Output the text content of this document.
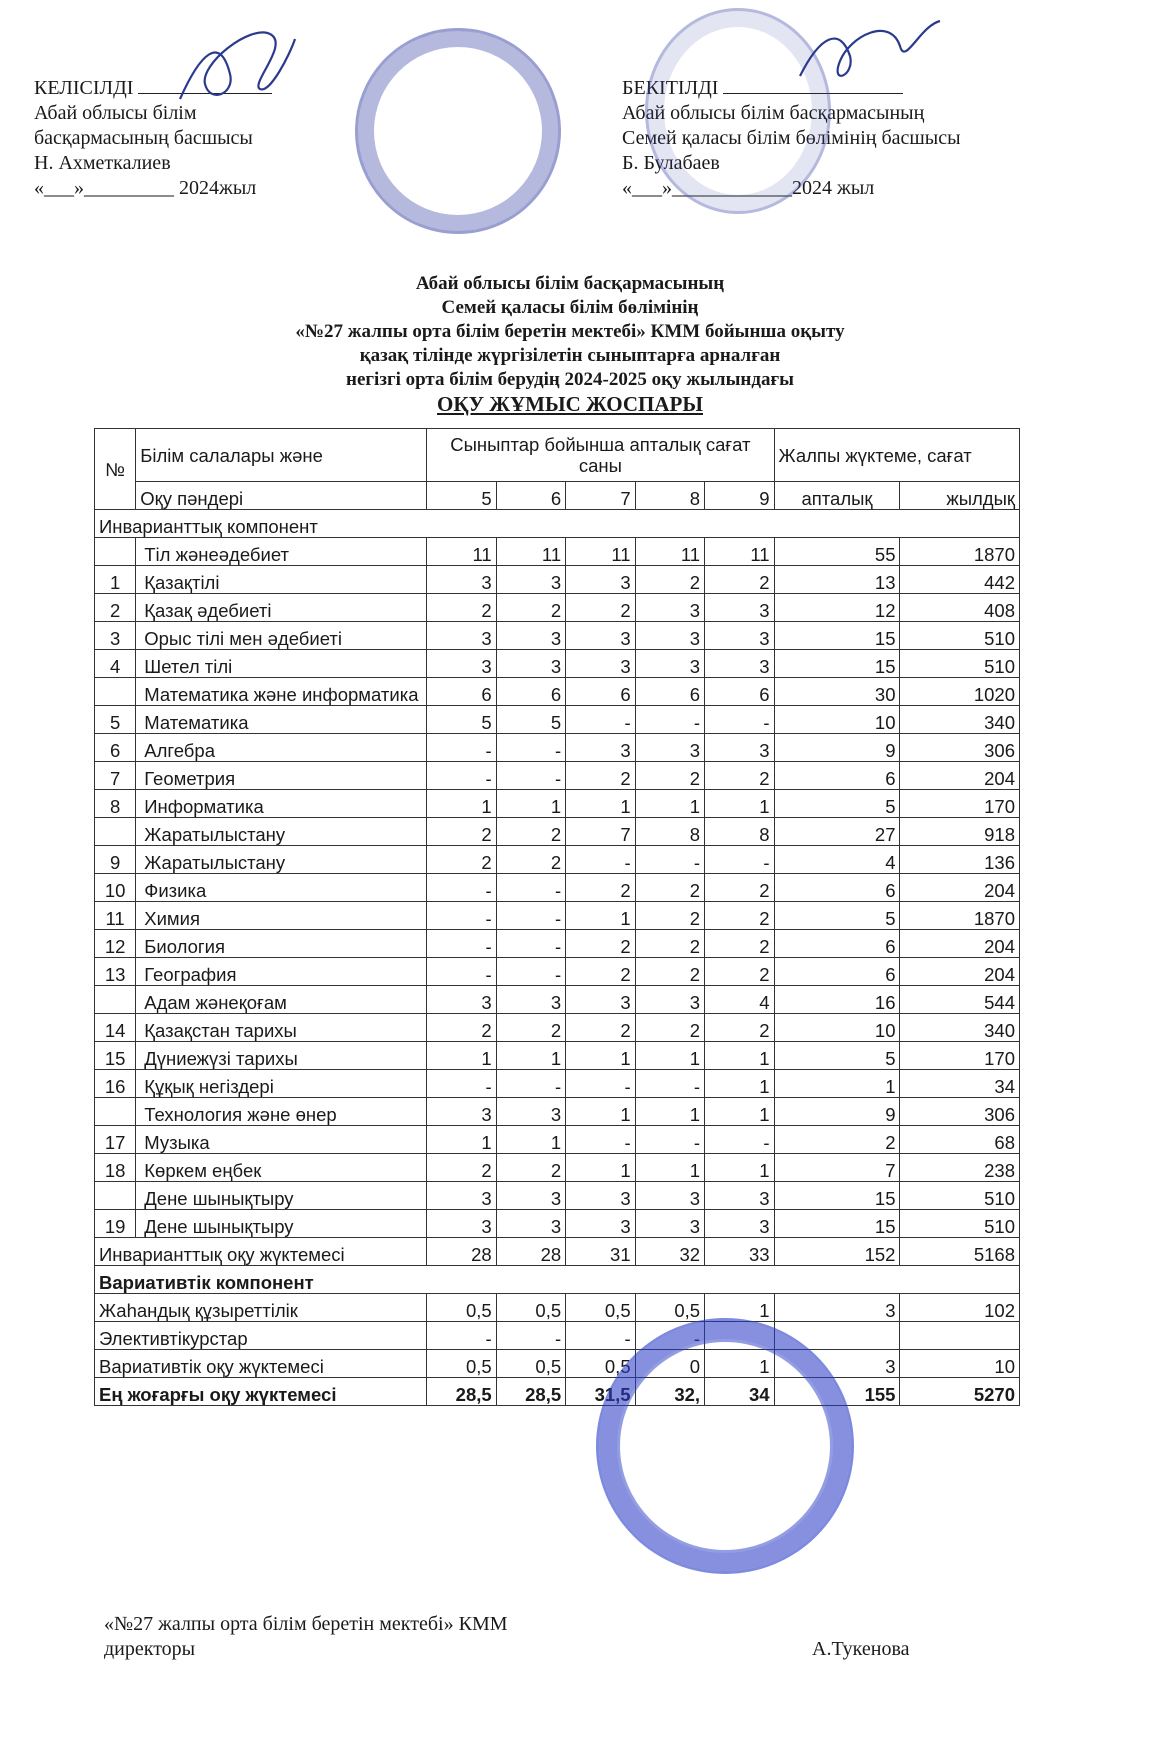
КЕЛІСІЛДІ
Абай облысы білім
басқармасының басшысы
Н. Ахметкалиев
«___»_________ 2024жыл
БЕКІТІЛДІ
Абай облысы білім басқармасының
Семей қаласы білім бөлімінің басшысы
Б. Булабаев
«___»____________2024 жыл
Абай облысы білім басқармасының
Семей қаласы білім бөлімінің
«№27 жалпы орта білім беретін мектебі» КММ бойынша оқыту
қазақ тілінде жүргізілетін сыныптарға арналған
негізгі орта білім берудің 2024-2025 оқу жылындағы
ОҚУ ЖҰМЫС ЖОСПАРЫ
№	Білім салалары және	Сыныптар бойынша аптaлық сағат саны					Жалпы жүктеме, сағат	
	Оқу пәндері	5	6	7	8	9	апталық	жылдық
Инварианттық компонент								
	Тіл жәнеәдебиет	11	11	11	11	11	55	1870
1	Қазақтілі	3	3	3	2	2	13	442
2	Қазақ әдебиеті	2	2	2	3	3	12	408
3	Орыс тілі мен әдебиеті	3	3	3	3	3	15	510
4	Шетел тілі	3	3	3	3	3	15	510
	Математика және информатика	6	6	6	6	6	30	1020
5	Математика	5	5	-	-	-	10	340
6	Алгебра	-	-	3	3	3	9	306
7	Геометрия	-	-	2	2	2	6	204
8	Информатика	1	1	1	1	1	5	170
	Жаратылыстану	2	2	7	8	8	27	918
9	Жаратылыстану	2	2	-	-	-	4	136
10	Физика	-	-	2	2	2	6	204
11	Химия	-	-	1	2	2	5	1870
12	Биология	-	-	2	2	2	6	204
13	География	-	-	2	2	2	6	204
	Адам жәнеқоғам	3	3	3	3	4	16	544
14	Қазақстан тарихы	2	2	2	2	2	10	340
15	Дүниежүзі тарихы	1	1	1	1	1	5	170
16	Құқық негіздері	-	-	-	-	1	1	34
	Технология және өнер	3	3	1	1	1	9	306
17	Музыка	1	1	-	-	-	2	68
18	Көркем еңбек	2	2	1	1	1	7	238
	Дене шынықтыру	3	3	3	3	3	15	510
19	Дене шынықтыру	3	3	3	3	3	15	510
Инварианттық оқу жүктемесі		28	28	31	32	33	152	5168
Вариативтік компонент								
Жаһандық құзыреттілік		0,5	0,5	0,5	0,5	1	3	102
Элективтікурстар		-	-	-	-			
Вариативтік оқу жүктемесі		0,5	0,5	0,5	0	1	3	10
Ең жоғарғы оқу жүктемесі		28,5	28,5	31,5	32,	34	155	5270
«№27 жалпы орта білім беретін мектебі» КММ
директоры	А.Тукенова
